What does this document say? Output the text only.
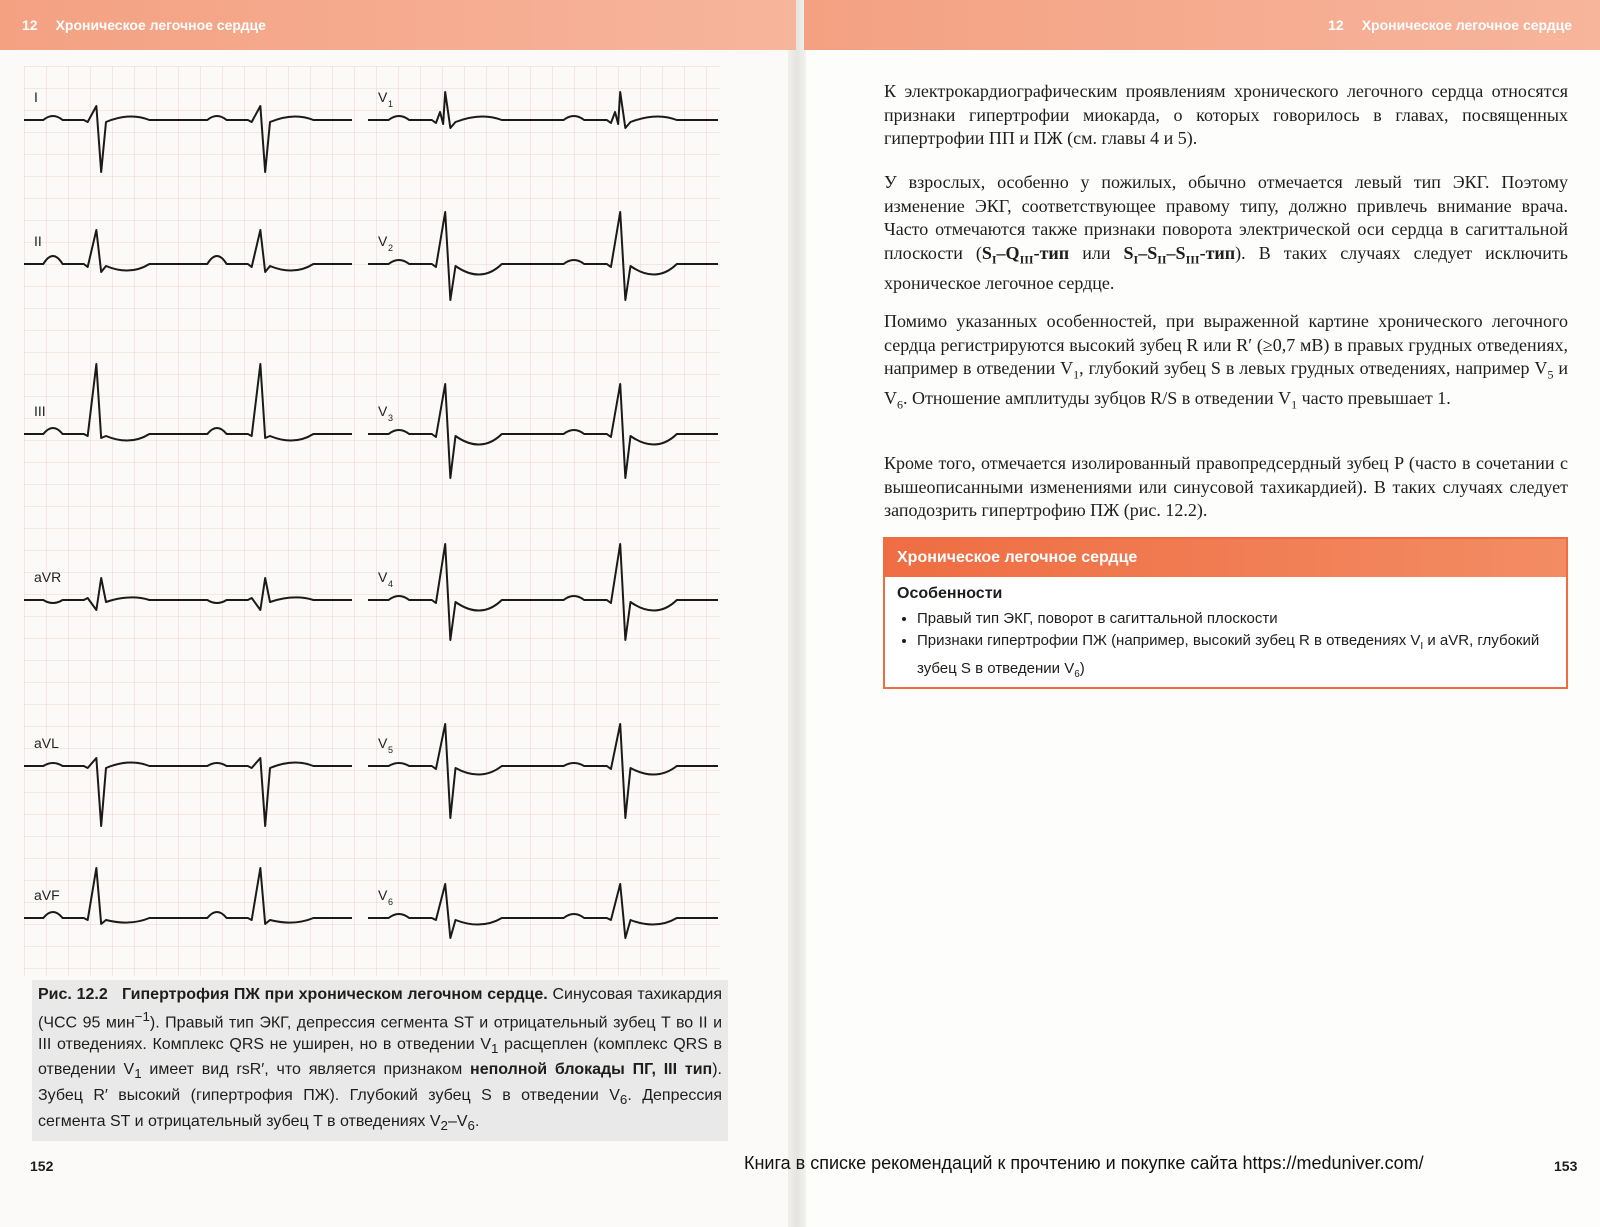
12 Хроническое легочное сердце	12 Хроническое легочное сердце
I	V 1
II	V 2
III	V 3
aVR	V 4
aVL	V 5
aVF	V 6
Рис. 12.2 Гипертрофия ПЖ при хроническом легочном сердце. Синусовая тахикардия (ЧСС 95 мин$^{-1}$). Правый тип ЭКГ, депрессия сегмента ST и отрицательный зубец T во II и III отведениях. Комплекс QRS не уширен, но в отведении $V_1$ расщеплен (комплекс QRS в отведении $V_1$ имеет вид rsR′, что является признаком неполной блокады ПГ, III тип). Зубец R′ высокий (гипертрофия ПЖ). Глубокий зубец S в отведении $V_6$. Депрессия сегмента ST и отрицательный зубец T в отведениях $V_2-V_6$.
152	153
К электрокардиографическим проявлениям хронического легочного сердца относятся признаки гипертрофии миокарда, о которых говорилось в главах, посвященных гипертрофии ПП и ПЖ (см. главы 4 и 5).
У взрослых, особенно у пожилых, обычно отмечается левый тип ЭКГ. Поэтому изменение ЭКГ, соответствующее правому типу, должно привлечь внимание врача. Часто отмечаются также признаки поворота электрической оси сердца в сагиттальной плоскости ($S_I-Q_{III}$-тип или $S_I-S_{II}-S_{III}-тип$). В таких случаях следует исключить хроническое легочное сердце.
Помимо указанных особенностей, при выраженной картине хронического легочного сердца регистрируются высокий зубец R или R′ (≥0,7 мВ) в правых грудных отведениях, например в отведении $V_1$, глубокий зубец S в левых грудных отведениях, например $V_5$ и $V_6$. Отношение амплитуды зубцов R/S в отведении $V_1$ часто превышает 1.
Кроме того, отмечается изолированный правопредсердный зубец P (часто в сочетании с вышеописанными изменениями или синусовой тахикардией). В таких случаях следует заподозрить гипертрофию ПЖ (рис. 12.2).
Хроническое легочное сердце
Особенности
• Правый тип ЭКГ, поворот в сагиттальной плоскости
• Признаки гипертрофии ПЖ (например, высокий зубец R в отведениях $V_I$ и aVR, глубокий зубец S в отведении $V_6$)
Книга в списке рекомендаций к прочтению и покупке сайта https://meduniver.com/
